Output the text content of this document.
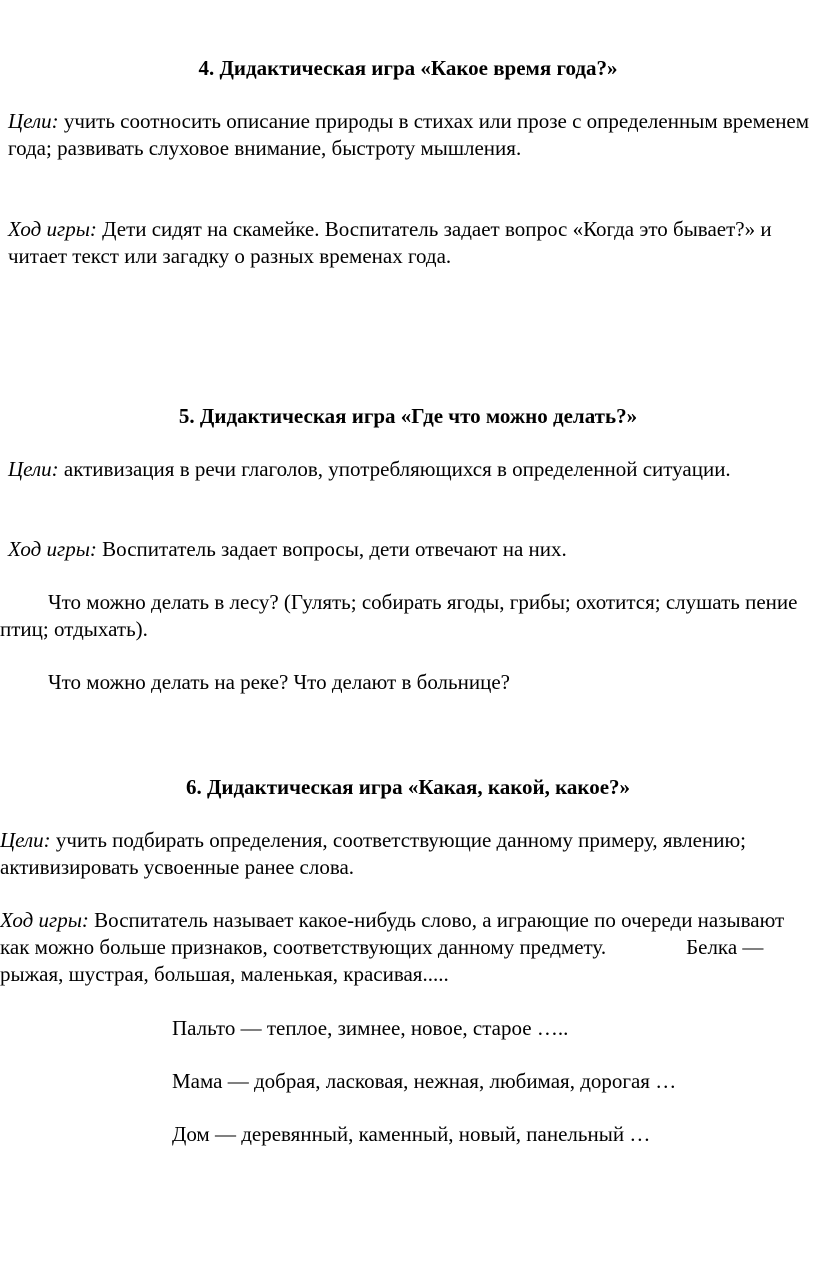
4. Дидактическая игра «Какое время года?»

Цели: учить соотносить описание природы в стихах или прозе с определенным временем года; развивать слуховое внимание, быстроту мышления.

Ход игры: Дети сидят на скамейке. Воспитатель задает вопрос «Когда это бывает?» и читает текст или загадку о разных временах года.

5. Дидактическая игра «Где что можно делать?»

Цели: активизация в речи глаголов, употребляющихся в определенной ситуации.

Ход игры: Воспитатель задает вопросы, дети отвечают на них.

Что можно делать в лесу? (Гулять; собирать ягоды, грибы; охотится; слушать пение птиц; отдыхать).

Что можно делать на реке? Что делают в больнице?

6. Дидактическая игра «Какая, какой, какое?»

Цели: учить подбирать определения, соответствующие данному примеру, явлению; активизировать усвоенные ранее слова.

Ход игры: Воспитатель называет какое-нибудь слово, а играющие по очереди называют как можно больше признаков, соответствующих данному предмету.	Белка — рыжая, шустрая, большая, маленькая, красивая.....

Пальто — теплое, зимнее, новое, старое …..

Мама — добрая, ласковая, нежная, любимая, дорогая …

Дом — деревянный, каменный, новый, панельный …
